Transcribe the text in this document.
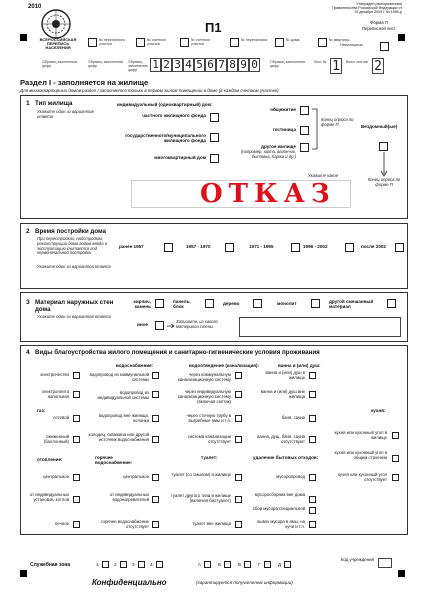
ВСЕРОССИЙСКАЯ ПЕРЕПИСЬ НАСЕЛЕНИЯ
2010
№ переписного участка
№ счетного участка
№ счетного участка
№ переписчика	№ дома	№ квартиры
П1
Утвержден распоряжением Правительства Российской Федерации от 15 декабря 2009 г. № 1980-р
Форма П
Переписной лист
Нежилищные
Образец заполнения цифр
Образец заполнения цифр
Образец заполнения цифр	1 2 3 4 5 6 7 8 9 0	Образец заполнения цифр
Лист № 1	Всего листов 2
Раздел I - заполняется на жилище
Для многоквартирных домов раздел I заполняется только в первом жилом помещении в доме (в каждом счетном участке)
1 Тип жилища
Укажите один из вариантов ответа
индивидуальный (одноквартирный) дом:
частного жилищного фонда
государственного/муниципального жилищного фонда
многоквартирный дом
общежитие
гостиница
другое жилище
(например, юрта, вагончик, бытовка, баржа и др.)
Укажите какое
Конец опроса по форме П	Бездомный(ые)
Конец опроса по форме П
ОТКАЗ
2 Время постройки дома
При перестройках, надстройках, реконструкции дома годом ввода в эксплуатацию считается год первоначальной постройки
Укажите один из вариантов ответа
ранее 1957	1957 - 1970	1971 - 1995	1996 - 2002	после 2002
3 Материал наружных стен дома
Укажите один из вариантов ответа
кирпич, камень
панель, блок
дерево	монолит	другой смешанный материал
иное
Запишите, из какого материала стены
4 Виды благоустройства жилого помещения и санитарно-гигиенические условия проживания
водоснабжение:	водоотведение (канализация):	ванна и (или) душ:
электричество
электроплита напольная
газ:
сетевой
сжиженный (баллонный)
отопление:
центральное
от индивидуальных установок, котлов
печное
водопровод из коммунальной системы
водопровод из индивидуальной системы
водопровод вне жилища, колонка
колодец, скважина или другой источник водоснабжения
горячее водоснабжение:
центральное
от индивидуальных водонагревателей
горячее водоснабжение отсутствует
через коммунальную канализационную систему
через индивидуальную канализационную систему (включая септик)
через сточную трубу в выгребные ямы и т.п.
система канализации отсутствует
туалет:
туалет (со смывом) в жилище
туалет другого типа в жилище (включая биотуалет)
туалет вне жилища
ванна и (или) душ в жилище
ванна и (или) душ вне жилища
баня, сауна
ванна, душ, баня, сауна отсутствуют
удаление бытовых отходов:
мусоропровод
мусоросборник вне дома
сбор мусора специальной
вывоз мусора в ямы, на кучи и т.п.
кухня:
кухня или кухонный угол в жилище
кухня или кухонный угол в общем строении
кухня или кухонный угол отсутствует
Служебная зона	1	2	3	4	А	Б	В	Г	Д
Код учреждения
Конфиденциально	(гарантируется получателем информации)
